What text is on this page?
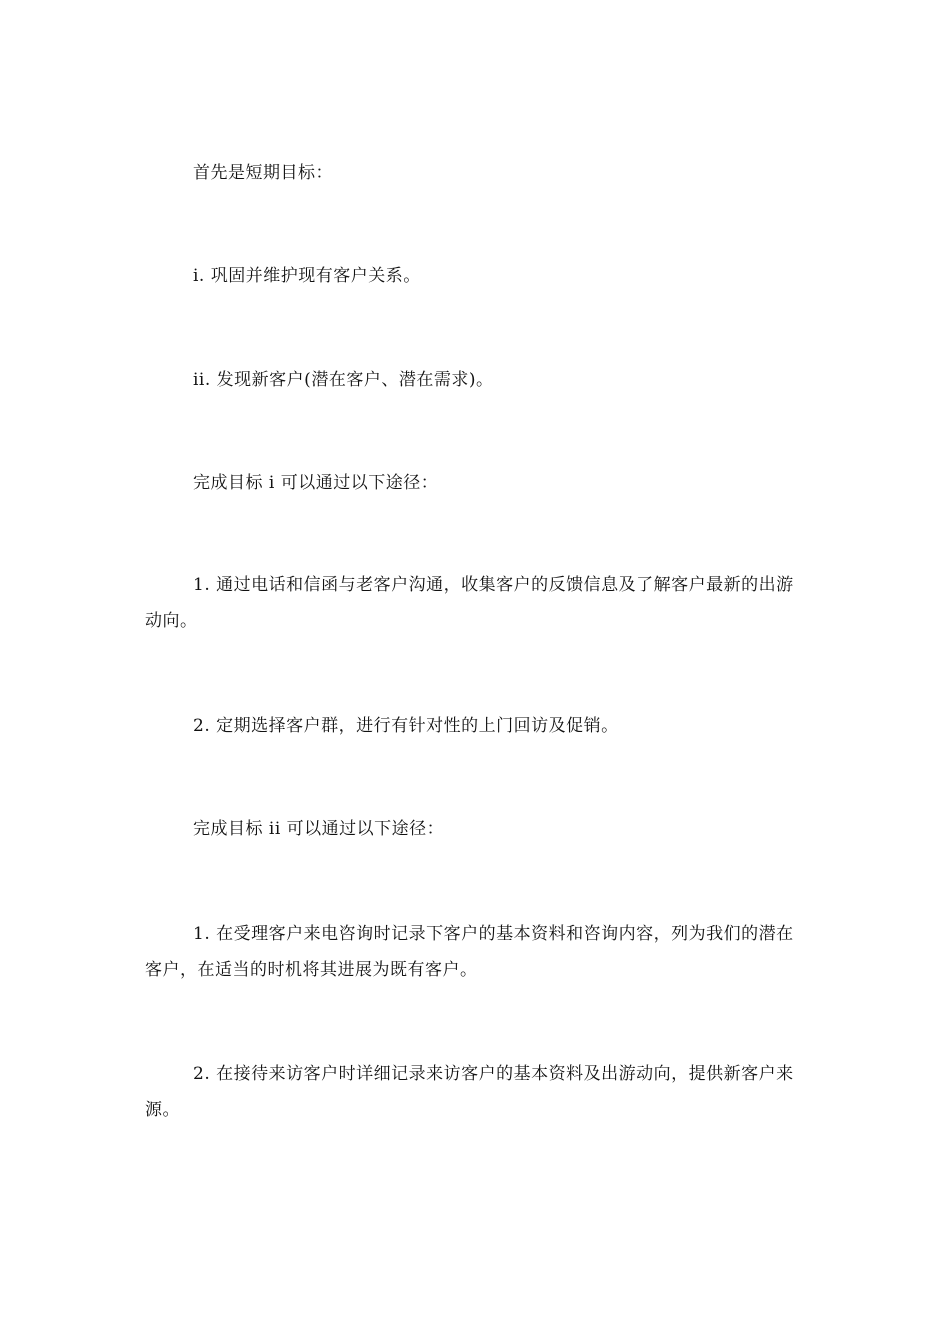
首先是短期目标：

i. 巩固并维护现有客户关系。

ii. 发现新客户(潜在客户、潜在需求)。

完成目标 i 可以通过以下途径：

1. 通过电话和信函与老客户沟通，收集客户的反馈信息及了解客户最新的出游动向。

2. 定期选择客户群，进行有针对性的上门回访及促销。

完成目标 ii 可以通过以下途径：

1. 在受理客户来电咨询时记录下客户的基本资料和咨询内容，列为我们的潜在客户，在适当的时机将其进展为既有客户。

2. 在接待来访客户时详细记录来访客户的基本资料及出游动向，提供新客户来源。
